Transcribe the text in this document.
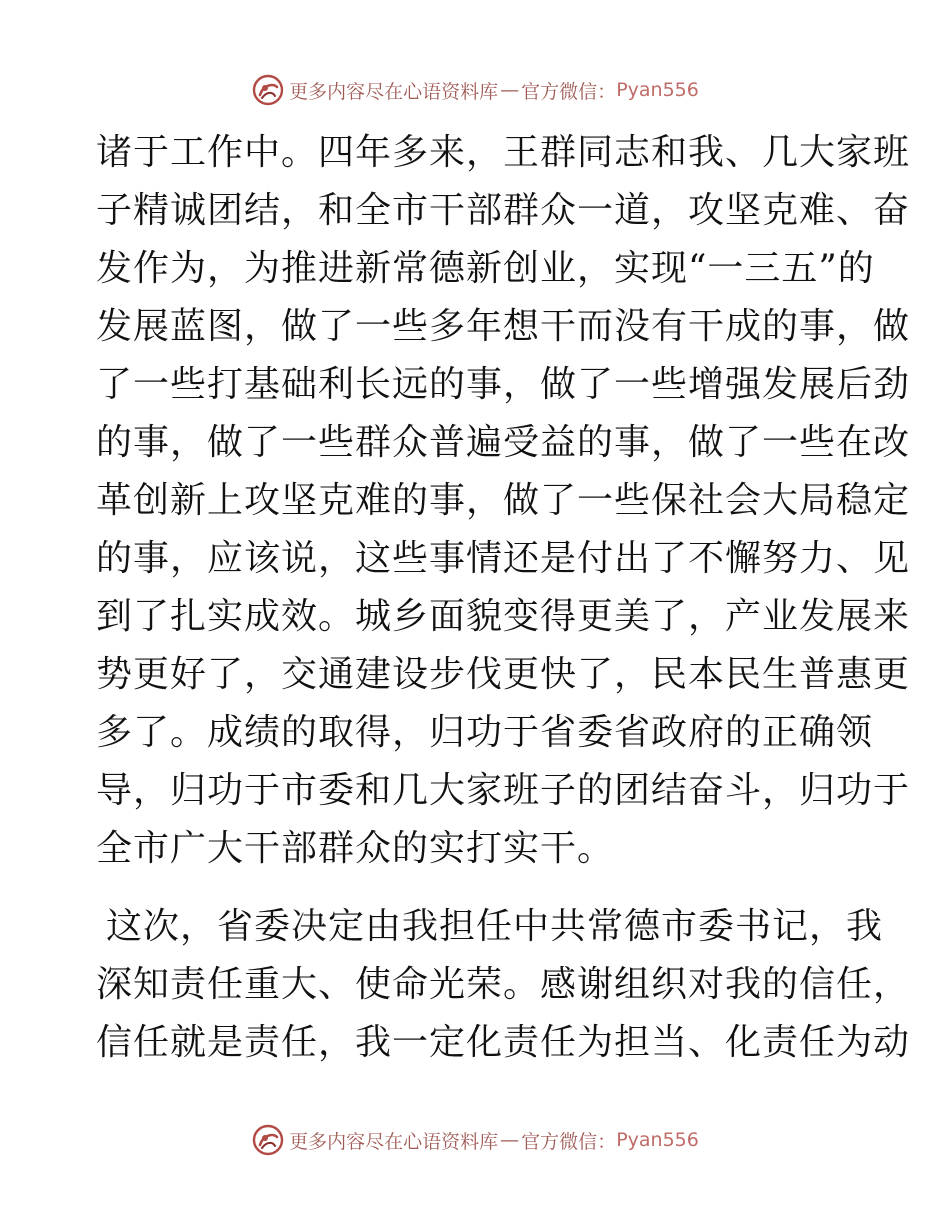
更多内容尽在心语资料库 — 官方微信： Pyan556
诸于工作中。四年多来，王群同志和我、几大家班
子精诚团结，和全市干部群众一道，攻坚克难、奋
发作为，为推进新常德新创业，实现“一三五”的
发展蓝图，做了一些多年想干而没有干成的事，做
了一些打基础利长远的事，做了一些增强发展后劲
的事，做了一些群众普遍受益的事，做了一些在改
革创新上攻坚克难的事，做了一些保社会大局稳定
的事，应该说，这些事情还是付出了不懈努力、见
到了扎实成效。城乡面貌变得更美了，产业发展来
势更好了，交通建设步伐更快了，民本民生普惠更
多了。成绩的取得，归功于省委省政府的正确领
导，归功于市委和几大家班子的团结奋斗，归功于
全市广大干部群众的实打实干。
这次，省委决定由我担任中共常德市委书记，我
深知责任重大、使命光荣。感谢组织对我的信任，
信任就是责任，我一定化责任为担当、化责任为动
更多内容尽在心语资料库 — 官方微信： Pyan556
